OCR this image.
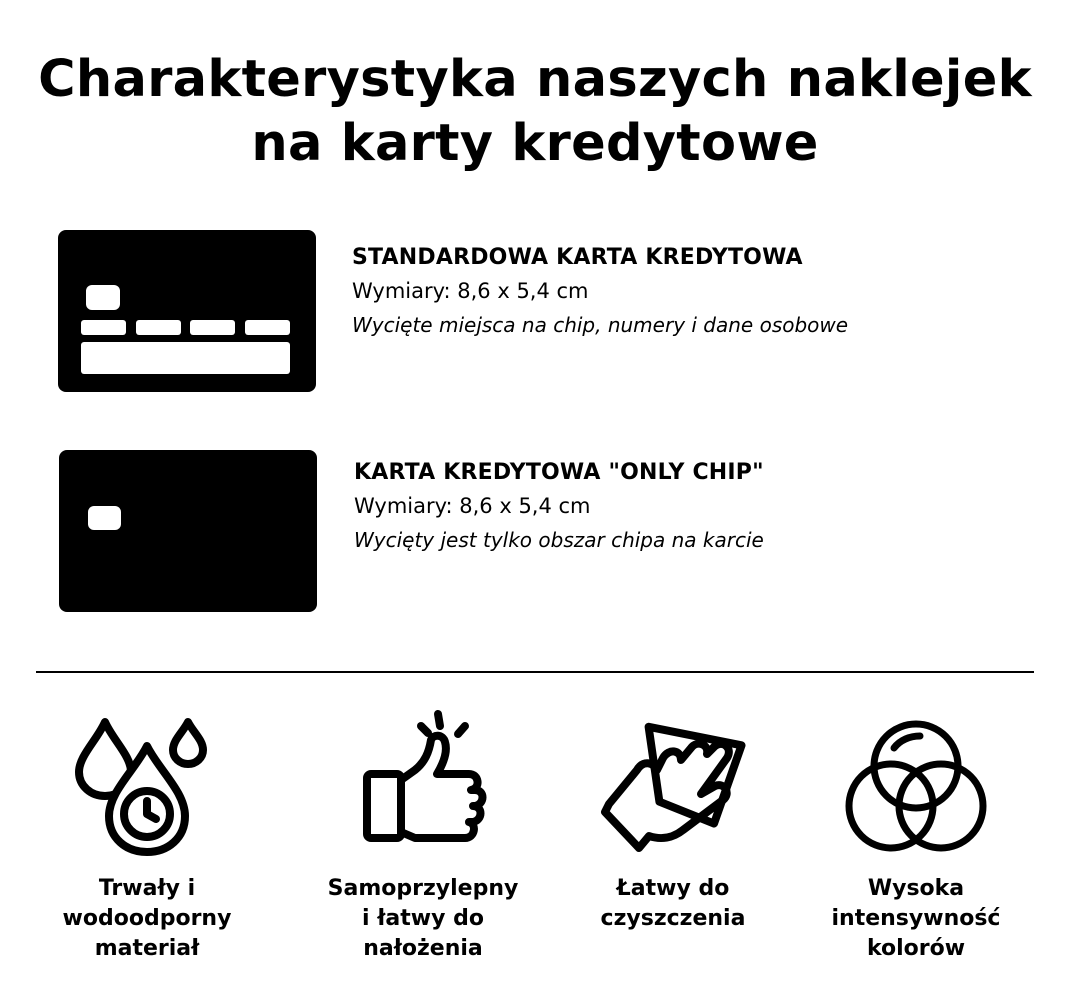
Charakterystyka naszych naklejek
na karty kredytowe
STANDARDOWA KARTA KREDYTOWA
Wymiary: 8,6 x 5,4 cm
Wycięte miejsca na chip, numery i dane osobowe
KARTA KREDYTOWA "ONLY CHIP"
Wymiary: 8,6 x 5,4 cm
Wycięty jest tylko obszar chipa na karcie
Trwały i
wodoodporny
materiał
Samoprzylepny
i łatwy do
nałożenia
Łatwy do
czyszczenia
Wysoka
intensywność
kolorów
